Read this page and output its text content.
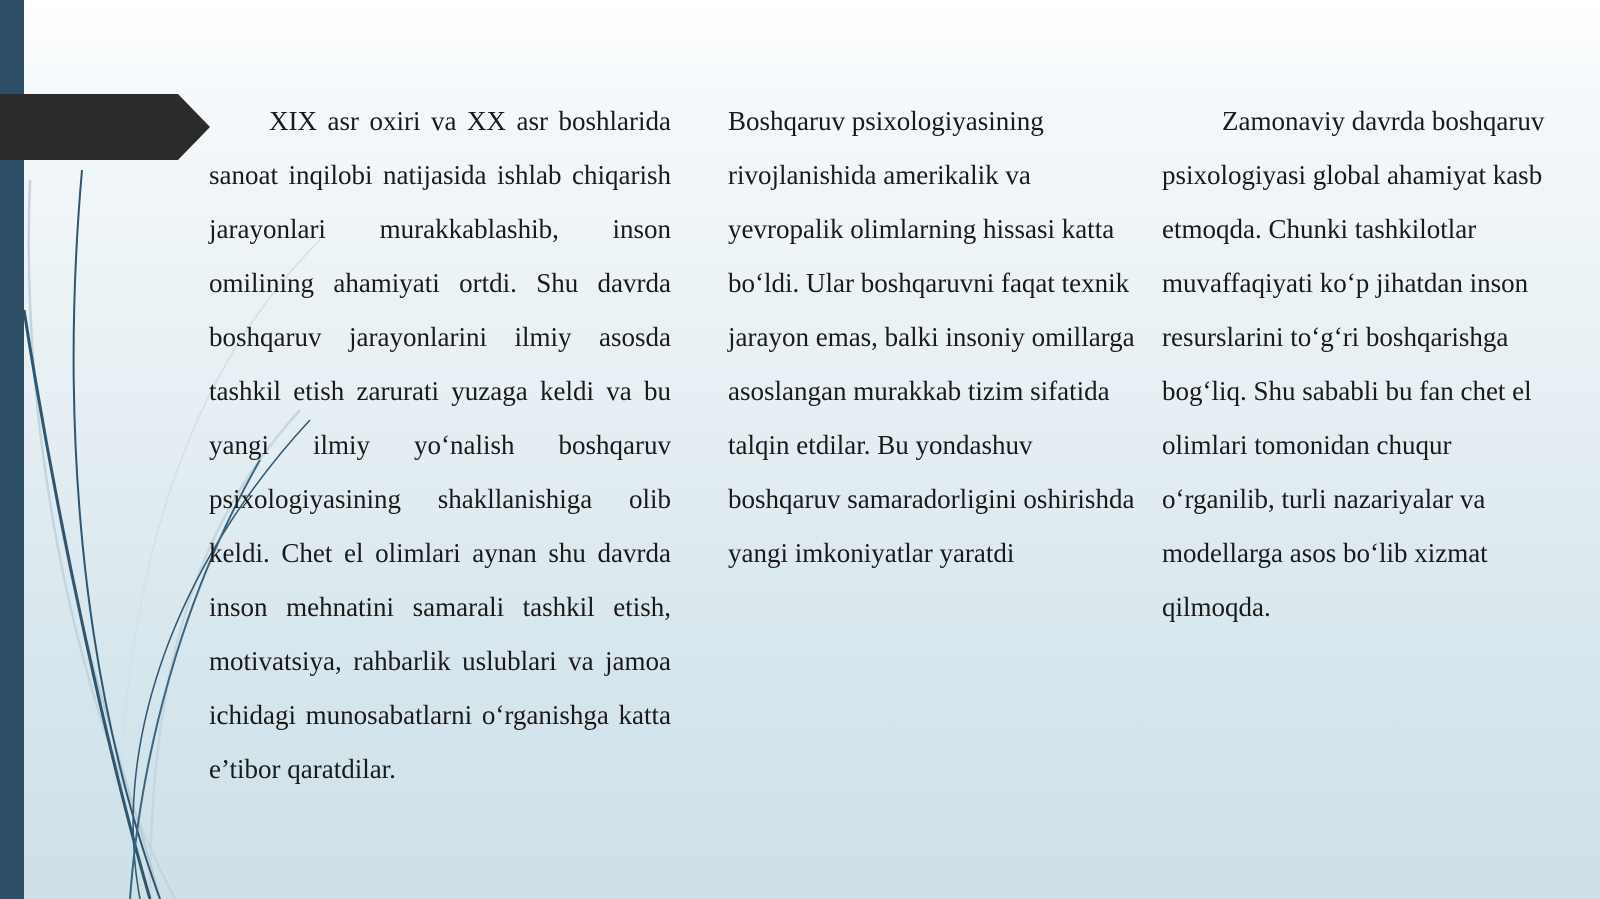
XIX asr oxiri va XX asr boshlarida sanoat inqilobi natijasida ishlab chiqarish jarayonlari murakkablashib, inson omilining ahamiyati ortdi. Shu davrda boshqaruv jarayonlarini ilmiy asosda tashkil etish zarurati yuzaga keldi va bu yangi ilmiy yo‘nalish boshqaruv psixologiyasining shakllanishiga olib keldi. Chet el olimlari aynan shu davrda inson mehnatini samarali tashkil etish, motivatsiya, rahbarlik uslublari va jamoa ichidagi munosabatlarni o‘rganishga katta e’tibor qaratdilar.

Boshqaruv psixologiyasining rivojlanishida amerikalik va yevropalik olimlarning hissasi katta bo‘ldi. Ular boshqaruvni faqat texnik jarayon emas, balki insoniy omillarga asoslangan murakkab tizim sifatida talqin etdilar. Bu yondashuv boshqaruv samaradorligini oshirishda yangi imkoniyatlar yaratdi

Zamonaviy davrda boshqaruv psixologiyasi global ahamiyat kasb etmoqda. Chunki tashkilotlar muvaffaqiyati ko‘p jihatdan inson resurslarini to‘g‘ri boshqarishga bog‘liq. Shu sababli bu fan chet el olimlari tomonidan chuqur o‘rganilib, turli nazariyalar va modellarga asos bo‘lib xizmat qilmoqda.
